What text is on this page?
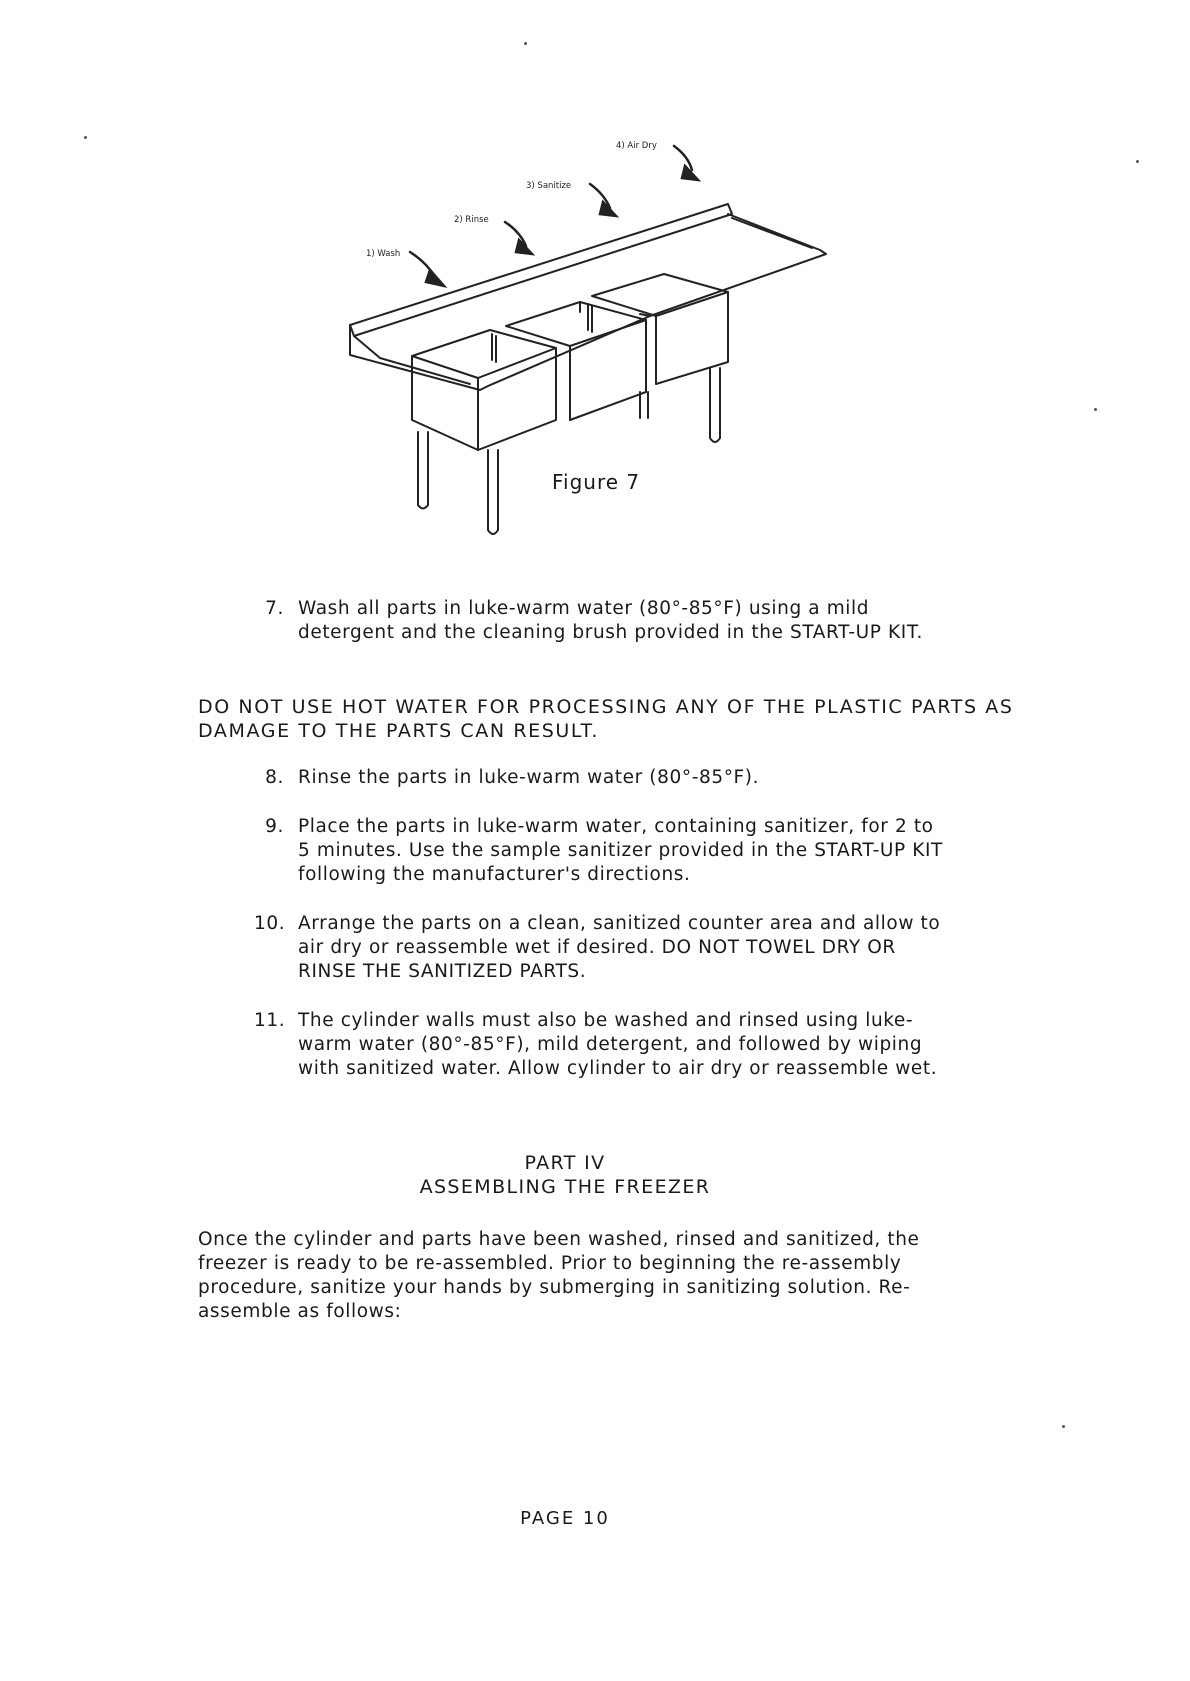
1) Wash
2) Rinse
3) Sanitize
4) Air Dry
Figure 7
7. Wash all parts in luke-warm water (80°-85°F) using a mild detergent and the cleaning brush provided in the START-UP KIT.
DO NOT USE HOT WATER FOR PROCESSING ANY OF THE PLASTIC PARTS AS DAMAGE TO THE PARTS CAN RESULT.
8. Rinse the parts in luke-warm water (80°-85°F).
9. Place the parts in luke-warm water, containing sanitizer, for 2 to 5 minutes. Use the sample sanitizer provided in the START-UP KIT following the manufacturer's directions.
10. Arrange the parts on a clean, sanitized counter area and allow to air dry or reassemble wet if desired. DO NOT TOWEL DRY OR RINSE THE SANITIZED PARTS.
11. The cylinder walls must also be washed and rinsed using luke-warm water (80°-85°F), mild detergent, and followed by wiping with sanitized water. Allow cylinder to air dry or reassemble wet.
PART IV
ASSEMBLING THE FREEZER
Once the cylinder and parts have been washed, rinsed and sanitized, the freezer is ready to be re-assembled. Prior to beginning the re-assembly procedure, sanitize your hands by submerging in sanitizing solution. Re-assemble as follows:
PAGE 10
